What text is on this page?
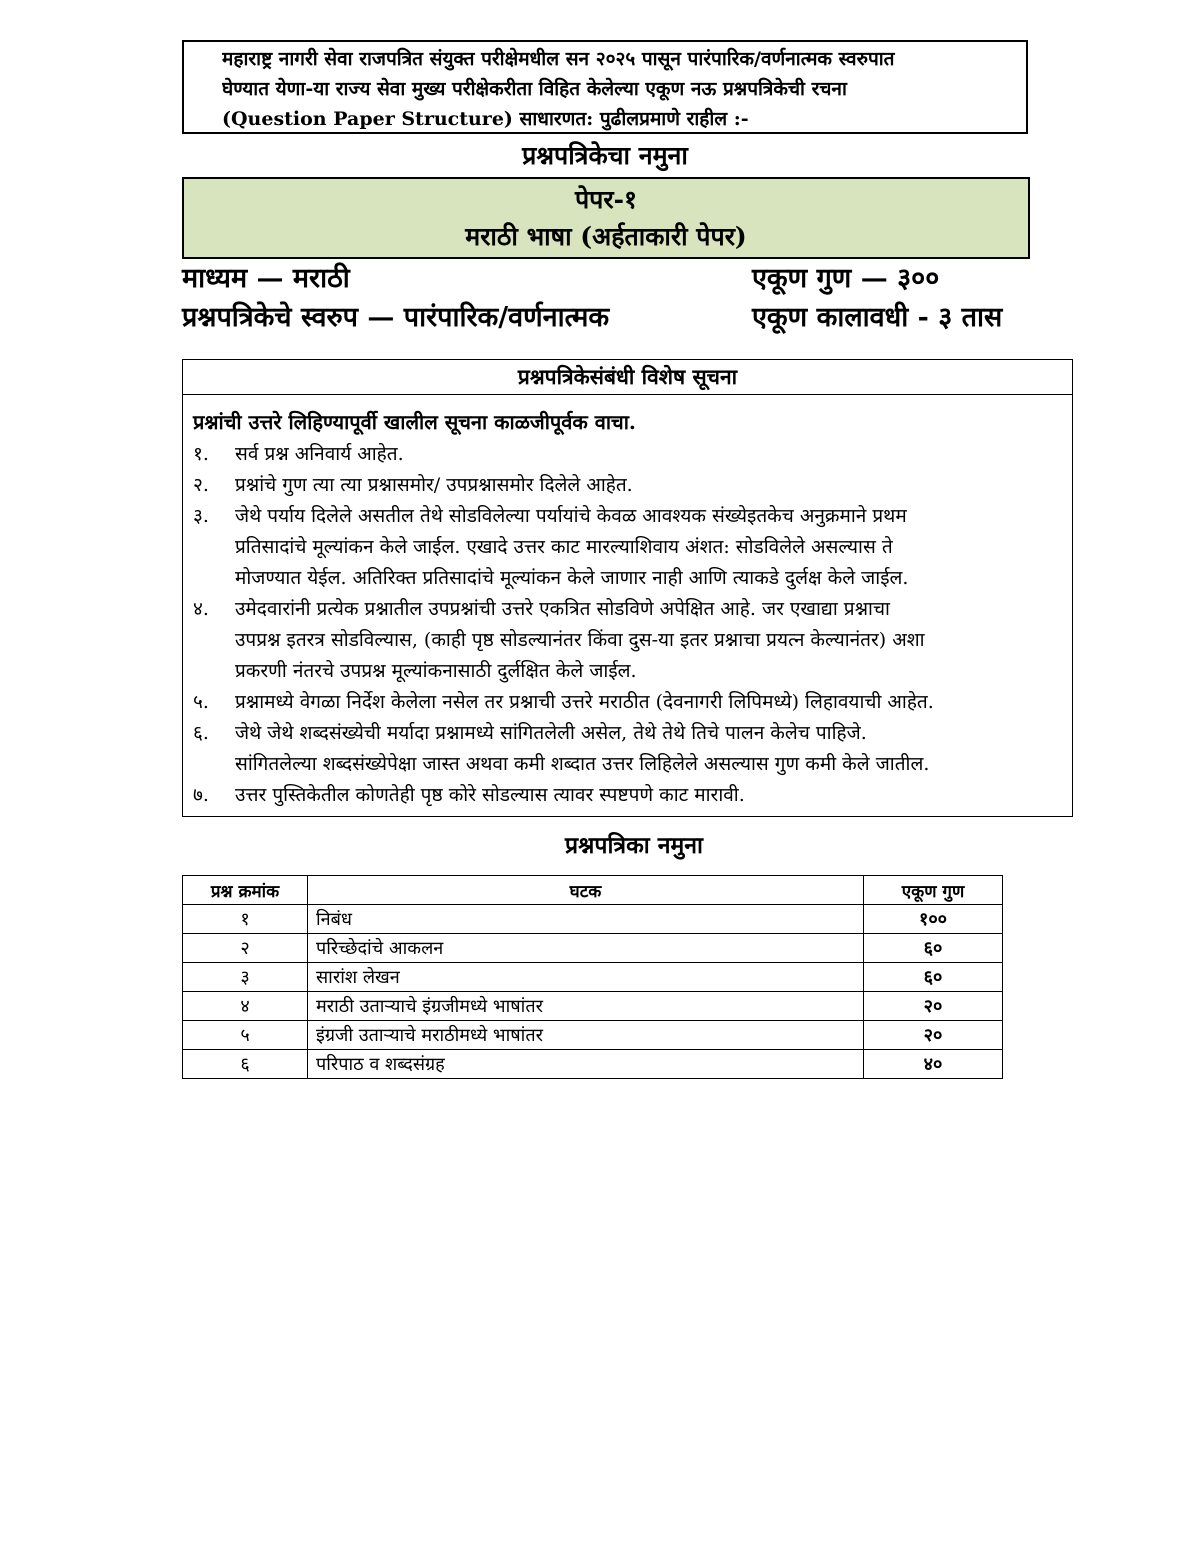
महाराष्ट्र नागरी सेवा राजपत्रित संयुक्त परीक्षेमधील सन २०२५ पासून पारंपारिक/वर्णनात्मक स्वरुपात

घेण्यात येणा-या राज्य सेवा मुख्य परीक्षेकरीता विहित केलेल्या एकूण नऊ प्रश्नपत्रिकेची रचना

(Question Paper Structure) साधारणत: पुढीलप्रमाणे राहील :-

प्रश्नपत्रिकेचा नमुना
पेपर-१
मराठी भाषा (अर्हताकारी पेपर)
माध्यम — मराठी	एकूण गुण — ३००
प्रश्नपत्रिकेचे स्वरुप — पारंपारिक/वर्णनात्मक	एकूण कालावधी - ३ तास
प्रश्नपत्रिकेसंबंधी विशेष सूचना
प्रश्नांची उत्तरे लिहिण्यापूर्वी खालील सूचना काळजीपूर्वक वाचा.
१. सर्व प्रश्न अनिवार्य आहेत.
२. प्रश्नांचे गुण त्या त्या प्रश्नासमोर/ उपप्रश्नासमोर दिलेले आहेत.
३. जेथे पर्याय दिलेले असतील तेथे सोडविलेल्या पर्यायांचे केवळ आवश्यक संख्येइतकेच अनुक्रमाने प्रथम
प्रतिसादांचे मूल्यांकन केले जाईल. एखादे उत्तर काट मारल्याशिवाय अंशत: सोडविलेले असल्यास ते
मोजण्यात येईल. अतिरिक्त प्रतिसादांचे मूल्यांकन केले जाणार नाही आणि त्याकडे दुर्लक्ष केले जाईल.
४. उमेदवारांनी प्रत्येक प्रश्नातील उपप्रश्नांची उत्तरे एकत्रित सोडविणे अपेक्षित आहे. जर एखाद्या प्रश्नाचा
उपप्रश्न इतरत्र सोडविल्यास, (काही पृष्ठ सोडल्यानंतर किंवा दुस-या इतर प्रश्नाचा प्रयत्न केल्यानंतर) अशा
प्रकरणी नंतरचे उपप्रश्न मूल्यांकनासाठी दुर्लक्षित केले जाईल.
५. प्रश्नामध्ये वेगळा निर्देश केलेला नसेल तर प्रश्नाची उत्तरे मराठीत (देवनागरी लिपिमध्ये) लिहावयाची आहेत.
६. जेथे जेथे शब्दसंख्येची मर्यादा प्रश्नामध्ये सांगितलेली असेल, तेथे तेथे तिचे पालन केलेच पाहिजे.
सांगितलेल्या शब्दसंख्येपेक्षा जास्त अथवा कमी शब्दात उत्तर लिहिलेले असल्यास गुण कमी केले जातील.
७. उत्तर पुस्तिकेतील कोणतेही पृष्ठ कोरे सोडल्यास त्यावर स्पष्टपणे काट मारावी.
प्रश्नपत्रिका नमुना
प्रश्न क्रमांक	घटक	एकूण गुण
१	निबंध	१००
२	परिच्छेदांचे आकलन	६०
३	सारांश लेखन	६०
४	मराठी उताऱ्याचे इंग्रजीमध्ये भाषांतर	२०
५	इंग्रजी उताऱ्याचे मराठीमध्ये भाषांतर	२०
६	परिपाठ व शब्दसंग्रह	४०
